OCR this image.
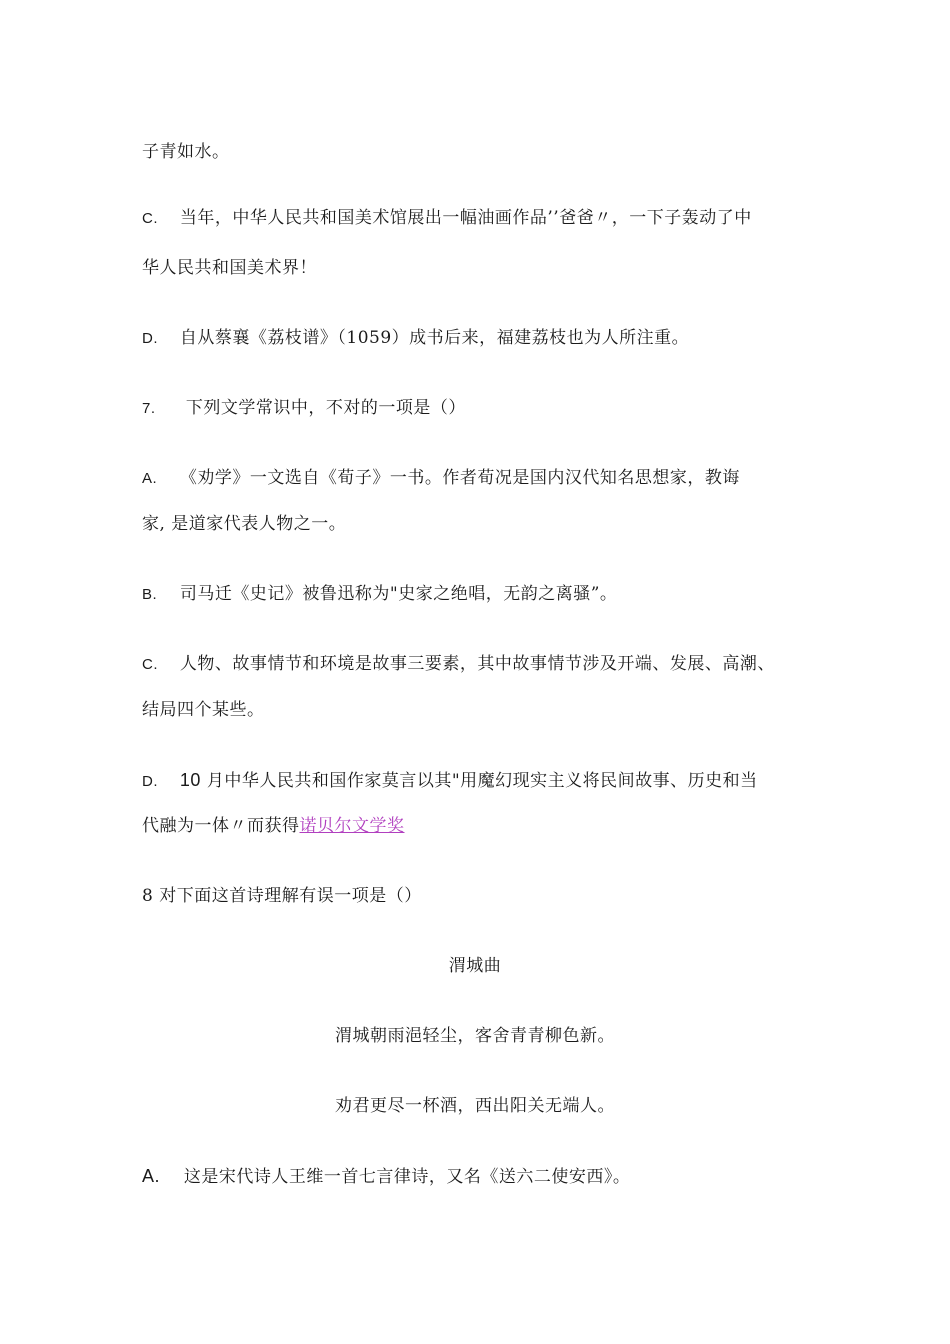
子青如水。
C. 当年，中华人民共和国美术馆展出一幅油画作品’’爸爸〃，一下子轰动了中
华人民共和国美术界！
D. 自从蔡襄《荔枝谱》（1059）成书后来，福建荔枝也为人所注重。
7. 下列文学常识中，不对的一项是（）
A. 《劝学》一文选自《荀子》一书。作者荀况是国内汉代知名思想家，教诲
家, 是道家代表人物之一。
B. 司马迁《史记》被鲁迅称为"史家之绝唱，无韵之离骚”。
C. 人物、故事情节和环境是故事三要素，其中故事情节涉及开端、发展、高潮、
结局四个某些。
D. 10 月中华人民共和国作家莫言以其"用魔幻现实主义将民间故事、历史和当
代融为一体〃而获得诺贝尔文学奖
8 对下面这首诗理解有误一项是（）
渭城曲
渭城朝雨浥轻尘，客舍青青柳色新。
劝君更尽一杯酒，西出阳关无端人。
A. 这是宋代诗人王维一首七言律诗，又名《送六二使安西》。
